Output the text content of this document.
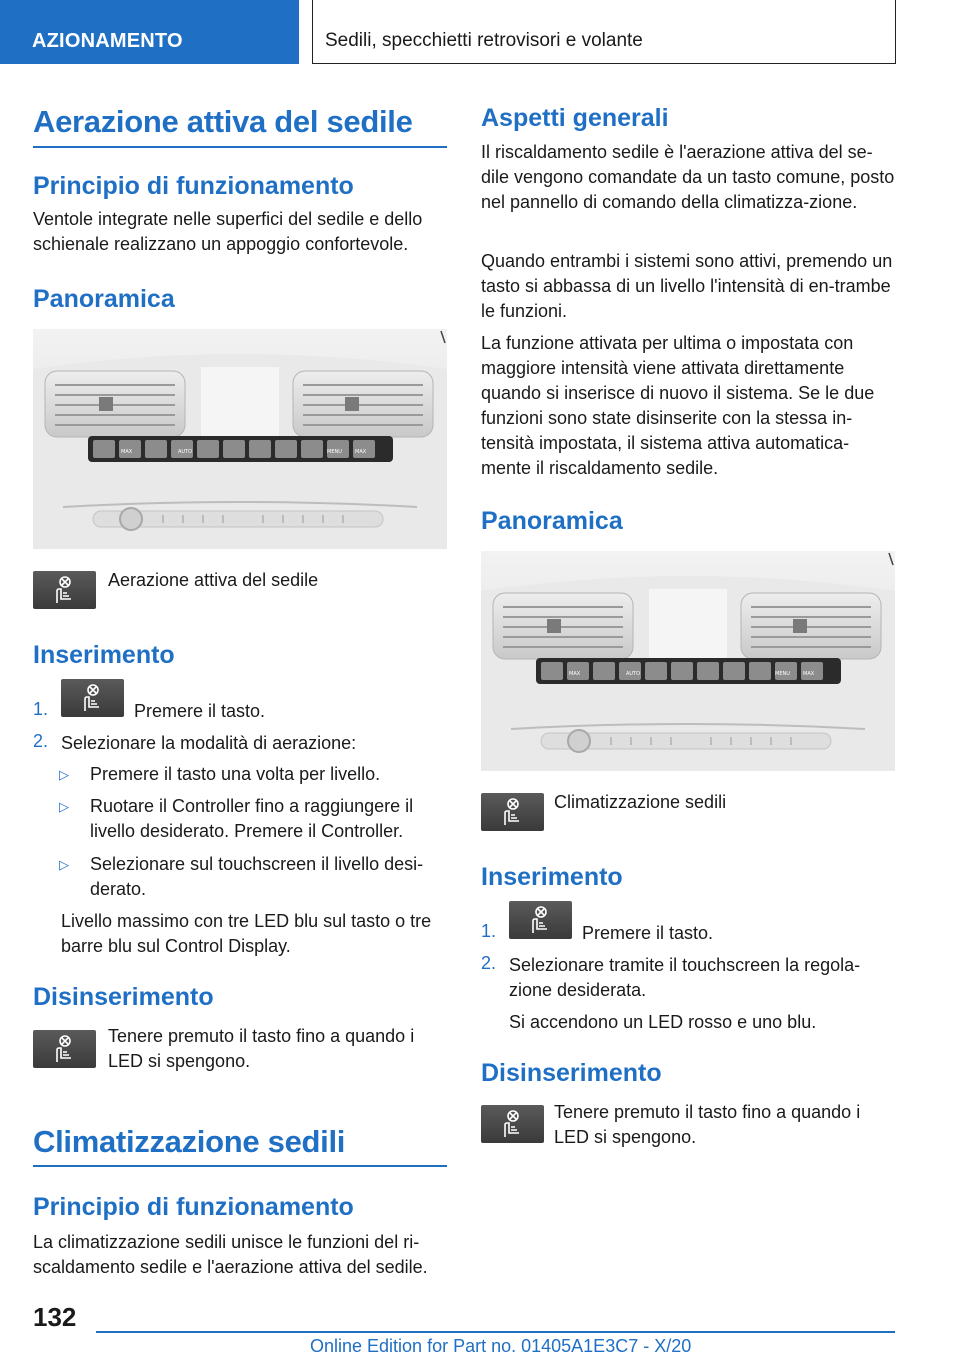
AZIONAMENTO	Sedili, specchietti retrovisori e volante
Aerazione attiva del sedile
Principio di funzionamento
Ventole integrate nelle superfici del sedile e dello schienale realizzano un appoggio confortevole.
Panoramica
AUTO	MENU	MAX
MAX
Aerazione attiva del sedile
Inserimento
1.	Premere il tasto.
2. Selezionare la modalità di aerazione:
▷ Premere il tasto una volta per livello.
▷ Ruotare il Controller fino a raggiungere il livello desiderato. Premere il Controller.
▷ Selezionare sul touchscreen il livello desi-derato.
Livello massimo con tre LED blu sul tasto o tre barre blu sul Control Display.
Disinserimento
Tenere premuto il tasto fino a quando i LED si spengono.
Climatizzazione sedili
Principio di funzionamento
La climatizzazione sedili unisce le funzioni del ri-scaldamento sedile e l'aerazione attiva del sedile.
Aspetti generali
Il riscaldamento sedile è l'aerazione attiva del se-dile vengono comandate da un tasto comune, posto nel pannello di comando della climatizza-zione.
Quando entrambi i sistemi sono attivi, premendo un tasto si abbassa di un livello l'intensità di en-trambe le funzioni.
La funzione attivata per ultima o impostata con maggiore intensità viene attivata direttamente quando si inserisce di nuovo il sistema. Se le due funzioni sono state disinserite con la stessa in-tensità impostata, il sistema attiva automatica-mente il riscaldamento sedile.
Panoramica
AUTO	MENU	MAX
MAX
Climatizzazione sedili
Inserimento
1.	Premere il tasto.
2. Selezionare tramite il touchscreen la regola-zione desiderata.
Si accendono un LED rosso e uno blu.
Disinserimento
Tenere premuto il tasto fino a quando i LED si spengono.
132
Online Edition for Part no. 01405A1E3C7 - X/20
